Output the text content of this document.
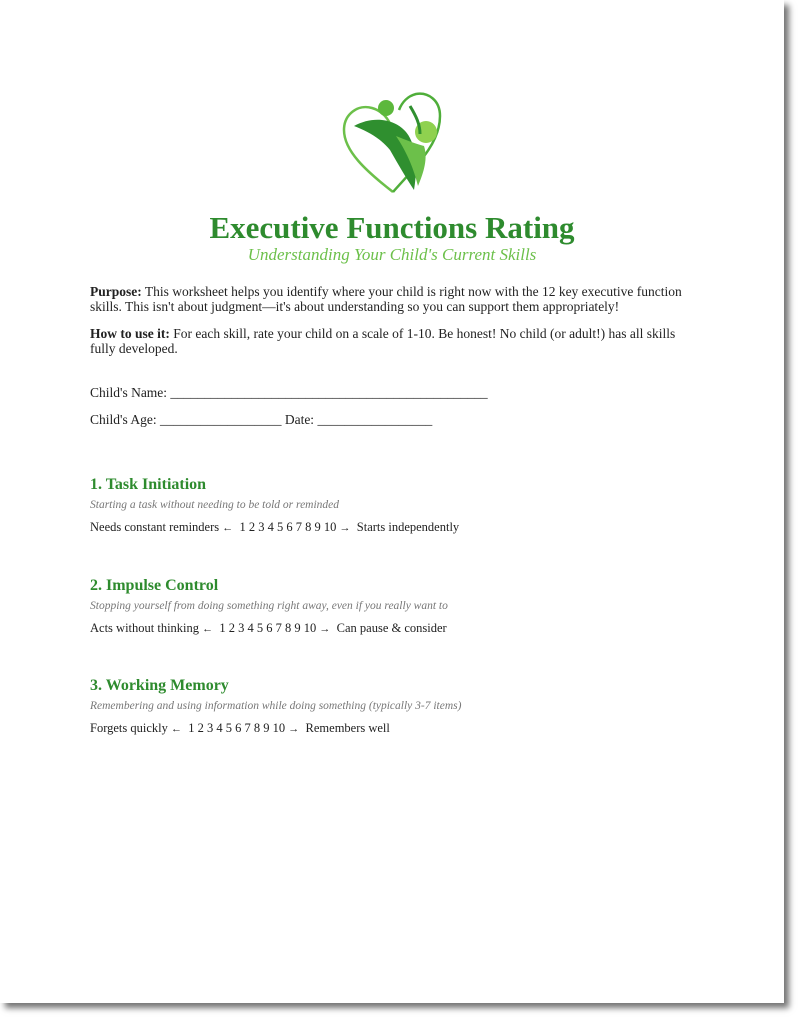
Executive Functions Rating
Understanding Your Child's Current Skills
Purpose: This worksheet helps you identify where your child is right now with the 12 key executive function skills. This isn't about judgment—it's about understanding so you can support them appropriately!
How to use it: For each skill, rate your child on a scale of 1-10. Be honest! No child (or adult!) has all skills fully developed.
Child's Name: _______________________________________________
Child's Age: __________________ Date: _________________
1. Task Initiation
Starting a task without needing to be told or reminded
Needs constant reminders ← 1 2 3 4 5 6 7 8 9 10 → Starts independently
2. Impulse Control
Stopping yourself from doing something right away, even if you really want to
Acts without thinking ← 1 2 3 4 5 6 7 8 9 10 → Can pause & consider
3. Working Memory
Remembering and using information while doing something (typically 3-7 items)
Forgets quickly ← 1 2 3 4 5 6 7 8 9 10 → Remembers well
